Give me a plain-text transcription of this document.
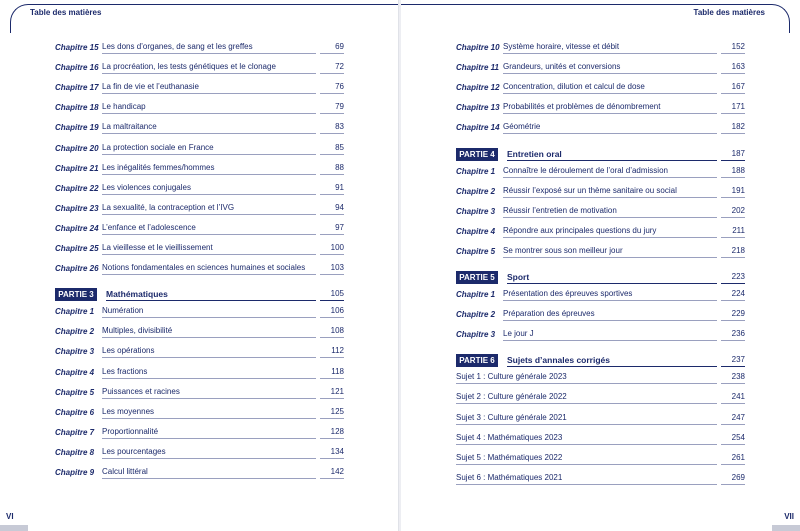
Table des matières
VI
Table des matières
VII
Chapitre 15 Les dons d’organes, de sang et les greffes	69
Chapitre 16 La procréation, les tests génétiques et le clonage	72
Chapitre 17 La fin de vie et l’euthanasie	76
Chapitre 18 Le handicap	79
Chapitre 19 La maltraitance	83
Chapitre 20 La protection sociale en France	85
Chapitre 21 Les inégalités femmes/hommes	88
Chapitre 22 Les violences conjugales	91
Chapitre 23 La sexualité, la contraception et l’IVG	94
Chapitre 24 L’enfance et l’adolescence	97
Chapitre 25 La vieillesse et le vieillissement	100
Chapitre 26 Notions fondamentales en sciences humaines et sociales	103
PARTIE 3	Mathématiques	105
Chapitre 1 Numération	106
Chapitre 2 Multiples, divisibilité	108
Chapitre 3 Les opérations	112
Chapitre 4 Les fractions	118
Chapitre 5 Puissances et racines	121
Chapitre 6 Les moyennes	125
Chapitre 7 Proportionnalité	128
Chapitre 8 Les pourcentages	134
Chapitre 9 Calcul littéral	142
Chapitre 10 Système horaire, vitesse et débit	152
Chapitre 11 Grandeurs, unités et conversions	163
Chapitre 12 Concentration, dilution et calcul de dose	167
Chapitre 13 Probabilités et problèmes de dénombrement	171
Chapitre 14 Géométrie	182
PARTIE 4	Entretien oral	187
Chapitre 1 Connaître le déroulement de l’oral d’admission	188
Chapitre 2 Réussir l’exposé sur un thème sanitaire ou social	191
Chapitre 3 Réussir l’entretien de motivation	202
Chapitre 4 Répondre aux principales questions du jury	211
Chapitre 5 Se montrer sous son meilleur jour	218
PARTIE 5	Sport	223
Chapitre 1 Présentation des épreuves sportives	224
Chapitre 2 Préparation des épreuves	229
Chapitre 3 Le jour J	236
PARTIE 6	Sujets d’annales corrigés	237
Sujet 1 : Culture générale 2023	238
Sujet 2 : Culture générale 2022	241
Sujet 3 : Culture générale 2021	247
Sujet 4 : Mathématiques 2023	254
Sujet 5 : Mathématiques 2022	261
Sujet 6 : Mathématiques 2021	269
